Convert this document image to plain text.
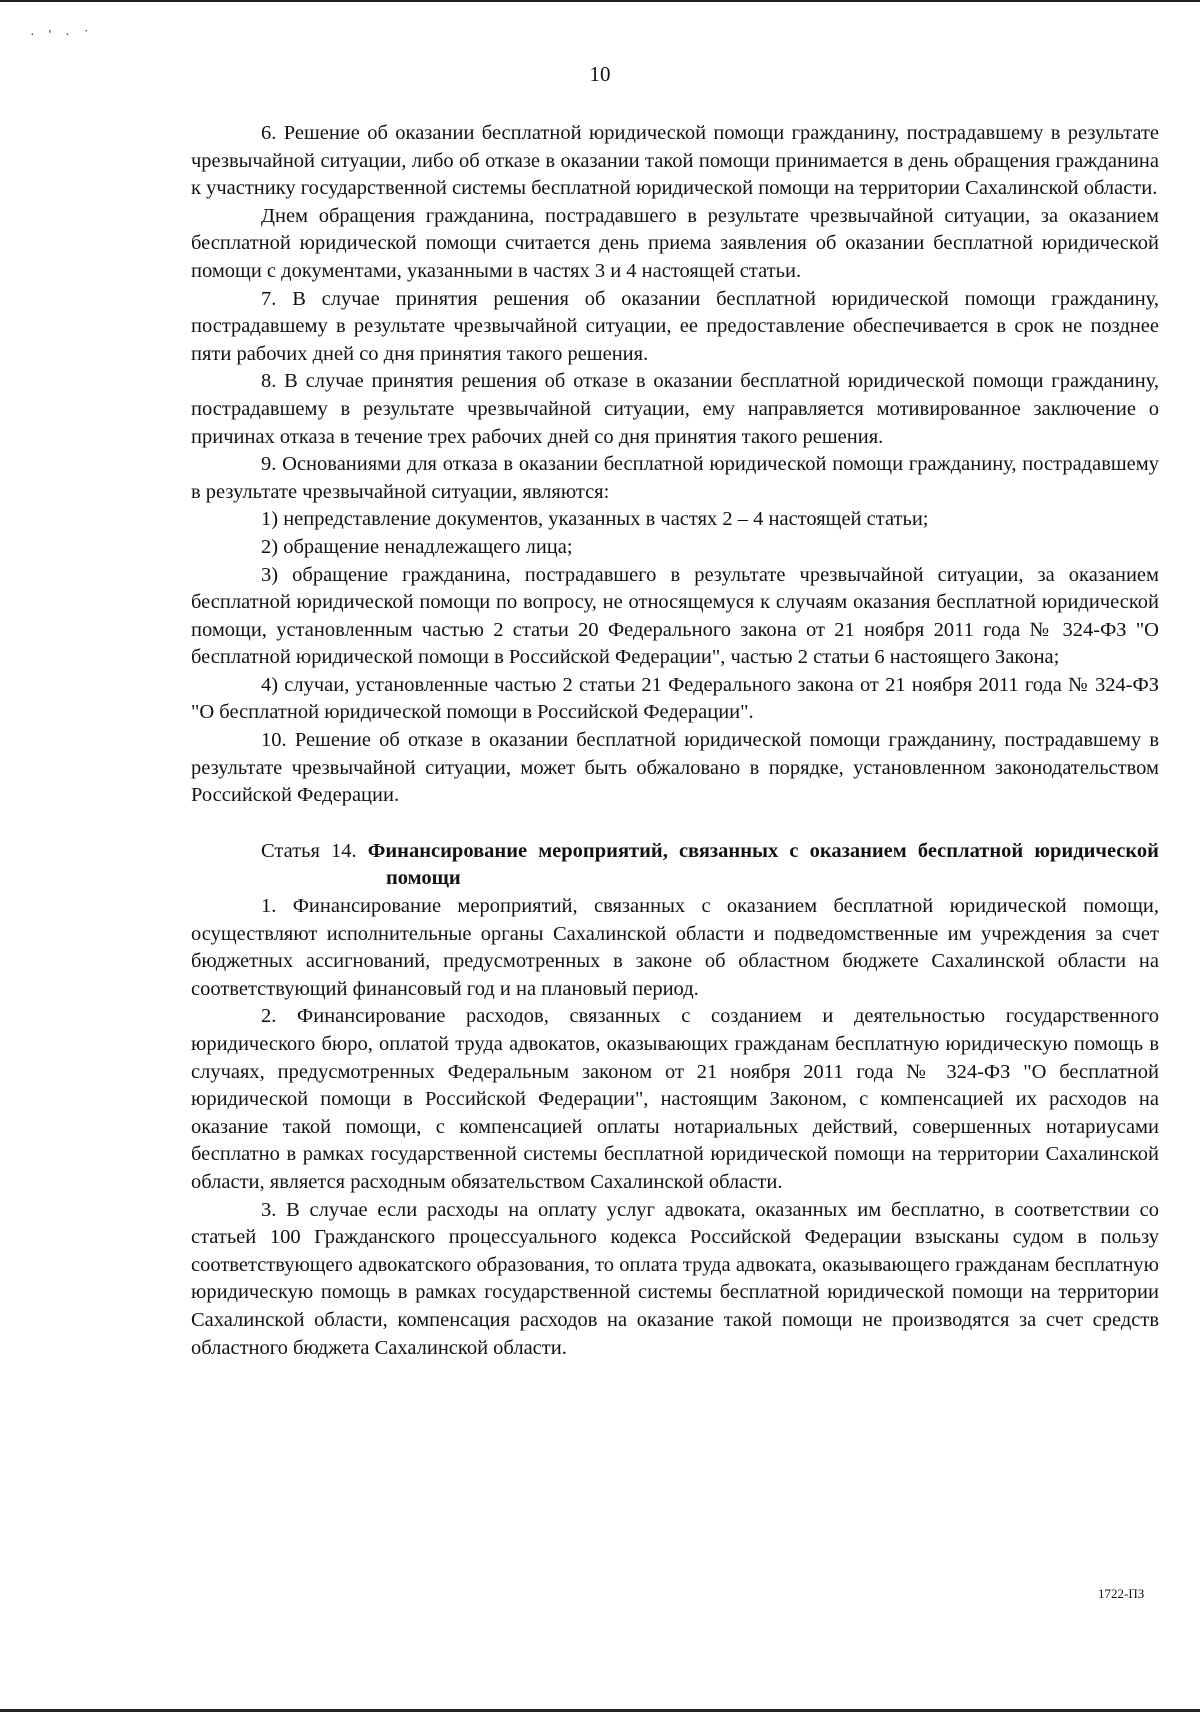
·'·˙
10

6. Решение об оказании бесплатной юридической помощи гражданину, пострадавшему в результате чрезвычайной ситуации, либо об отказе в оказании такой помощи принимается в день обращения гражданина к участнику государственной системы бесплатной юридической помощи на территории Сахалинской области.

Днем обращения гражданина, пострадавшего в результате чрезвычайной ситуации, за оказанием бесплатной юридической помощи считается день приема заявления об оказании бесплатной юридической помощи с документами, указанными в частях 3 и 4 настоящей статьи.

7. В случае принятия решения об оказании бесплатной юридической помощи гражданину, пострадавшему в результате чрезвычайной ситуации, ее предоставление обеспечивается в срок не позднее пяти рабочих дней со дня принятия такого решения.

8. В случае принятия решения об отказе в оказании бесплатной юридической помощи гражданину, пострадавшему в результате чрезвычайной ситуации, ему направляется мотивированное заключение о причинах отказа в течение трех рабочих дней со дня принятия такого решения.

9. Основаниями для отказа в оказании бесплатной юридической помощи гражданину, пострадавшему в результате чрезвычайной ситуации, являются:

1) непредставление документов, указанных в частях 2 – 4 настоящей статьи;

2) обращение ненадлежащего лица;

3) обращение гражданина, пострадавшего в результате чрезвычайной ситуации, за оказанием бесплатной юридической помощи по вопросу, не относящемуся к случаям оказания бесплатной юридической помощи, установленным частью 2 статьи 20 Федерального закона от 21 ноября 2011 года № 324-ФЗ "О бесплатной юридической помощи в Российской Федерации", частью 2 статьи 6 настоящего Закона;

4) случаи, установленные частью 2 статьи 21 Федерального закона от 21 ноября 2011 года № 324-ФЗ "О бесплатной юридической помощи в Российской Федерации".

10. Решение об отказе в оказании бесплатной юридической помощи гражданину, пострадавшему в результате чрезвычайной ситуации, может быть обжаловано в порядке, установленном законодательством Российской Федерации.

Статья 14. Финансирование мероприятий, связанных с оказанием бесплатной юридической помощи

1. Финансирование мероприятий, связанных с оказанием бесплатной юридической помощи, осуществляют исполнительные органы Сахалинской области и подведомственные им учреждения за счет бюджетных ассигнований, предусмотренных в законе об областном бюджете Сахалинской области на соответствующий финансовый год и на плановый период.

2. Финансирование расходов, связанных с созданием и деятельностью государственного юридического бюро, оплатой труда адвокатов, оказывающих гражданам бесплатную юридическую помощь в случаях, предусмотренных Федеральным законом от 21 ноября 2011 года № 324-ФЗ "О бесплатной юридической помощи в Российской Федерации", настоящим Законом, с компенсацией их расходов на оказание такой помощи, с компенсацией оплаты нотариальных действий, совершенных нотариусами бесплатно в рамках государственной системы бесплатной юридической помощи на территории Сахалинской области, является расходным обязательством Сахалинской области.

3. В случае если расходы на оплату услуг адвоката, оказанных им бесплатно, в соответствии со статьей 100 Гражданского процессуального кодекса Российской Федерации взысканы судом в пользу соответствующего адвокатского образования, то оплата труда адвоката, оказывающего гражданам бесплатную юридическую помощь в рамках государственной системы бесплатной юридической помощи на территории Сахалинской области, компенсация расходов на оказание такой помощи не производятся за счет средств областного бюджета Сахалинской области.

1722-ПЗ
